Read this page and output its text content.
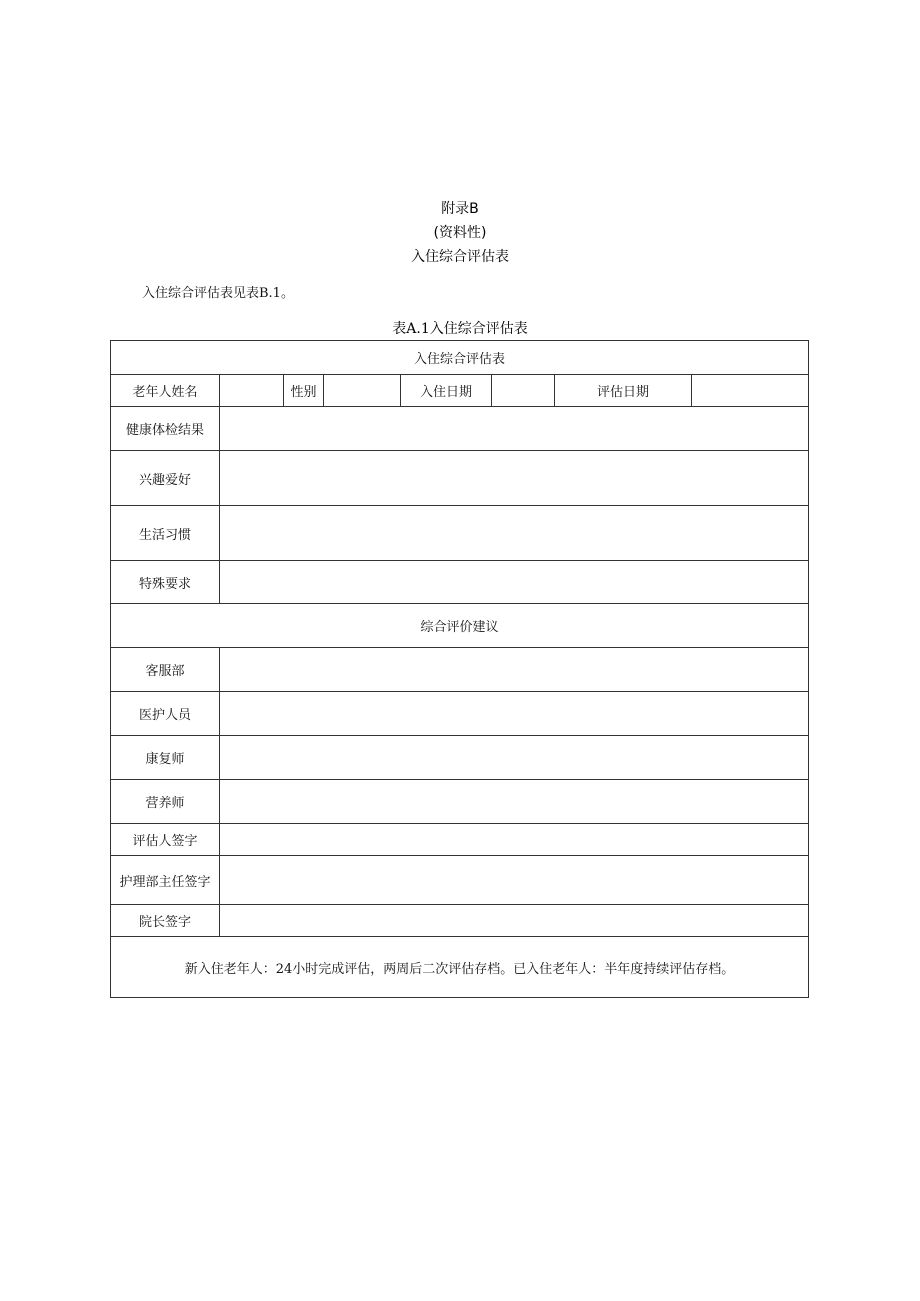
附录B
(资料性)
入住综合评估表
入住综合评估表见表B.1。
表A.1入住综合评估表
入住综合评估表							
老年人姓名		性别		入住日期		评估日期	
健康体检结果							
兴趣爱好							
生活习惯							
特殊要求							
综合评价建议							
客服部							
医护人员							
康复师							
营养师							
评估人签字							
护理部主任签字							
院长签字							
新入住老年人：24小时完成评估，两周后二次评估存档。已入住老年人：半年度持续评估存档。							
